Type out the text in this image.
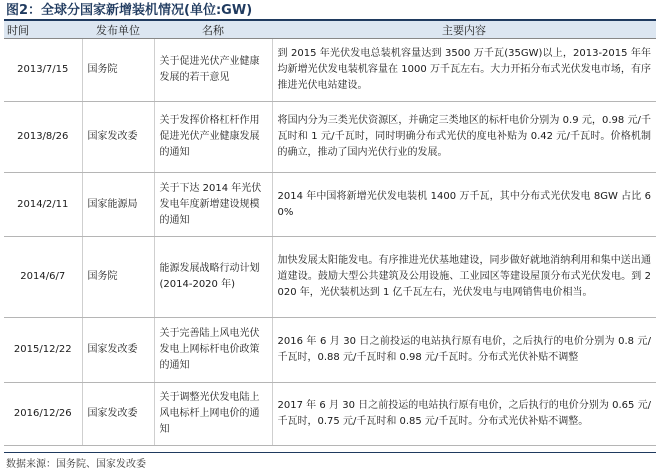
图2：全球分国家新增装机情况(单位:GW)
时间	发布单位	名称	主要内容
2013/7/15	国务院	关于促进光伏产业健康发展的若干意见	到 2015 年光伏发电总装机容量达到 3500 万千瓦(35GW)以上，2013-2015 年年均新增光伏发电装机容量在 1000 万千瓦左右。大力开拓分布式光伏发电市场，有序推进光伏电站建设。
2013/8/26	国家发改委	关于发挥价格杠杆作用促进光伏产业健康发展的通知	将国内分为三类光伏资源区，并确定三类地区的标杆电价分别为 0.9 元，0.98 元/千瓦时和 1 元/千瓦时，同时明确分布式光伏的度电补贴为 0.42 元/千瓦时。价格机制的确立，推动了国内光伏行业的发展。
2014/2/11	国家能源局	关于下达 2014 年光伏发电年度新增建设规模的通知	2014 年中国将新增光伏发电装机 1400 万千瓦，其中分布式光伏发电 8GW 占比 60%
2014/6/7	国务院	能源发展战略行动计划(2014-2020 年)	加快发展太阳能发电。有序推进光伏基地建设，同步做好就地消纳利用和集中送出通道建设。鼓励大型公共建筑及公用设施、工业园区等建设屋顶分布式光伏发电。到 2020 年，光伏装机达到 1 亿千瓦左右，光伏发电与电网销售电价相当。
2015/12/22	国家发改委	关于完善陆上风电光伏发电上网标杆电价政策的通知	2016 年 6 月 30 日之前投运的电站执行原有电价，之后执行的电价分别为 0.8 元/千瓦时，0.88 元/千瓦时和 0.98 元/千瓦时。分布式光伏补贴不调整
2016/12/26	国家发改委	关于调整光伏发电陆上风电标杆上网电价的通知	2017 年 6 月 30 日之前投运的电站执行原有电价，之后执行的电价分别为 0.65 元/千瓦时，0.75 元/千瓦时和 0.85 元/千瓦时。分布式光伏补贴不调整。
数据来源：国务院、国家发改委
